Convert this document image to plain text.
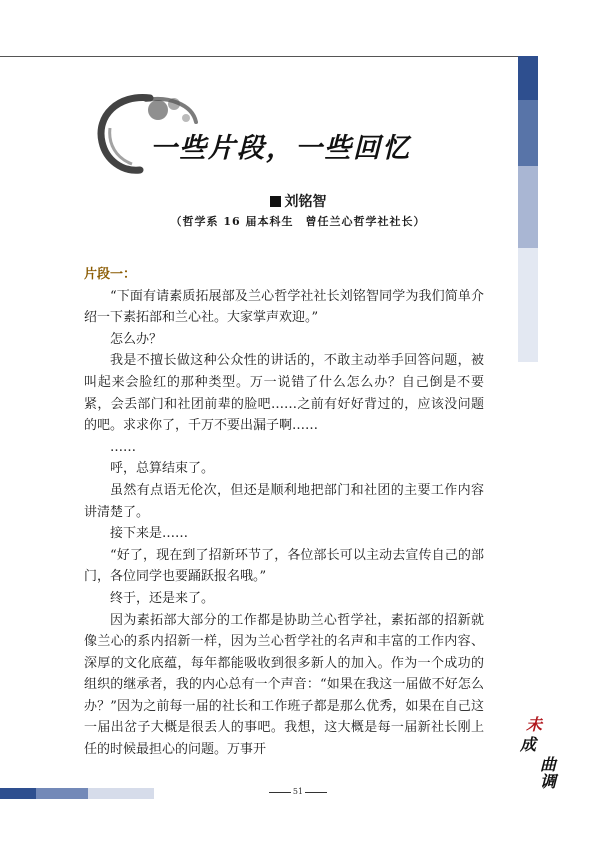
一些片段，一些回忆
刘铭智
（哲学系 16 届本科生　曾任兰心哲学社社长）

片段一：

“下面有请素质拓展部及兰心哲学社社长刘铭智同学为我们简单介绍一下素拓部和兰心社。大家掌声欢迎。”

怎么办？

我是不擅长做这种公众性的讲话的，不敢主动举手回答问题，被叫起来会脸红的那种类型。万一说错了什么怎么办？自己倒是不要紧，会丢部门和社团前辈的脸吧……之前有好好背过的，应该没问题的吧。求求你了，千万不要出漏子啊……

……

呼，总算结束了。

虽然有点语无伦次，但还是顺利地把部门和社团的主要工作内容讲清楚了。

接下来是……

“好了，现在到了招新环节了，各位部长可以主动去宣传自己的部门，各位同学也要踊跃报名哦。”

终于，还是来了。

因为素拓部大部分的工作都是协助兰心哲学社，素拓部的招新就像兰心的系内招新一样，因为兰心哲学社的名声和丰富的工作内容、深厚的文化底蕴，每年都能吸收到很多新人的加入。作为一个成功的组织的继承者，我的内心总有一个声音：“如果在我这一届做不好怎么办？”因为之前每一届的社长和工作班子都是那么优秀，如果在自己这一届出岔子大概是很丢人的事吧。我想，这大概是每一届新社长刚上任的时候最担心的问题。万事开

未
成
曲
调
51
